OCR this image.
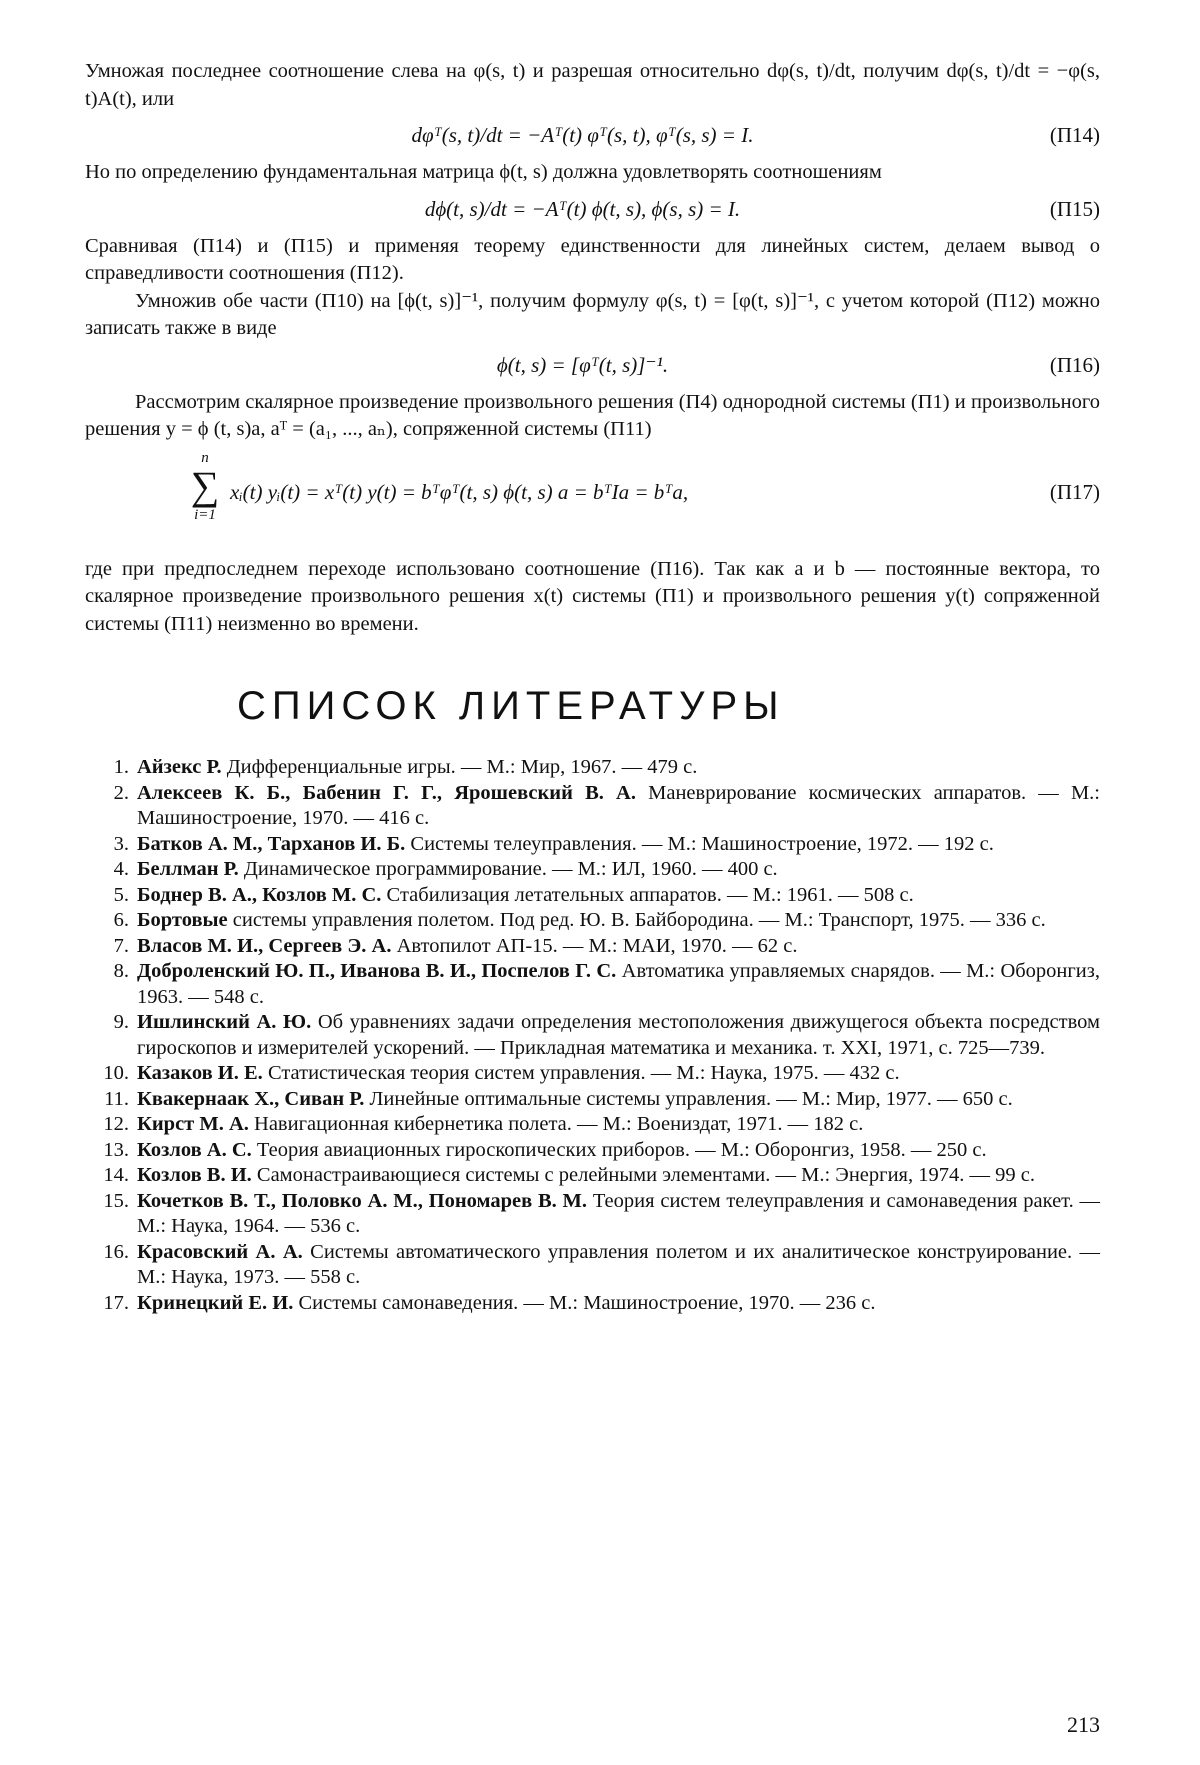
Умножая последнее соотношение слева на φ(s, t) и разрешая относительно dφ(s, t)/dt, получим dφ(s, t)/dt = −φ(s, t)A(t), или

dφᵀ(s, t)/dt = −Aᵀ(t) φᵀ(s, t), φᵀ(s, s) = I.	(П14)

Но по определению фундаментальная матрица ϕ(t, s) должна удовлетворять соотношениям

dϕ(t, s)/dt = −Aᵀ(t) ϕ(t, s), ϕ(s, s) = I.	(П15)

Сравнивая (П14) и (П15) и применяя теорему единственности для линейных систем, делаем вывод о справедливости соотношения (П12).

Умножив обе части (П10) на [ϕ(t, s)]⁻¹, получим формулу φ(s, t) = [φ(t, s)]⁻¹, с учетом которой (П12) можно записать также в виде

ϕ(t, s) = [φᵀ(t, s)]⁻¹.	(П16)

Рассмотрим скалярное произведение произвольного решения (П4) однородной системы (П1) и произвольного решения y = ϕ (t, s)a, aᵀ = (a₁, ..., aₙ), сопряженной системы (П11)

n
∑
i=1
xᵢ(t) yᵢ(t) = xᵀ(t) y(t) = bᵀφᵀ(t, s) ϕ(t, s) a = bᵀIa = bᵀa,	(П17)

где при предпоследнем переходе использовано соотношение (П16). Так как a и b — постоянные вектора, то скалярное произведение произвольного решения x(t) системы (П1) и произвольного решения y(t) сопряженной системы (П11) неизменно во времени.

СПИСОК ЛИТЕРАТУРЫ
1. Айзекс Р. Дифференциальные игры. — М.: Мир, 1967. — 479 с.
2. Алексеев К. Б., Бабенин Г. Г., Ярошевский В. А. Маневрирование космических аппаратов. — М.: Машиностроение, 1970. — 416 с.
3. Батков А. М., Тарханов И. Б. Системы телеуправления. — М.: Машиностроение, 1972. — 192 с.
4. Беллман Р. Динамическое программирование. — М.: ИЛ, 1960. — 400 с.
5. Боднер В. А., Козлов М. С. Стабилизация летательных аппаратов. — М.: 1961. — 508 с.
6. Бортовые системы управления полетом. Под ред. Ю. В. Байбородина. — М.: Транспорт, 1975. — 336 с.
7. Власов М. И., Сергеев Э. А. Автопилот АП-15. — М.: МАИ, 1970. — 62 с.
8. Доброленский Ю. П., Иванова В. И., Поспелов Г. С. Автоматика управляемых снарядов. — М.: Оборонгиз, 1963. — 548 с.
9. Ишлинский А. Ю. Об уравнениях задачи определения местоположения движущегося объекта посредством гироскопов и измерителей ускорений. — Прикладная математика и механика. т. XXI, 1971, с. 725—739.
10. Казаков И. Е. Статистическая теория систем управления. — М.: Наука, 1975. — 432 с.
11. Квакернаак Х., Сиван Р. Линейные оптимальные системы управления. — М.: Мир, 1977. — 650 с.
12. Кирст М. А. Навигационная кибернетика полета. — М.: Воениздат, 1971. — 182 с.
13. Козлов А. С. Теория авиационных гироскопических приборов. — М.: Оборонгиз, 1958. — 250 с.
14. Козлов В. И. Самонастраивающиеся системы с релейными элементами. — М.: Энергия, 1974. — 99 с.
15. Кочетков В. Т., Половко А. М., Пономарев В. М. Теория систем телеуправления и самонаведения ракет. — М.: Наука, 1964. — 536 с.
16. Красовский А. А. Системы автоматического управления полетом и их аналитическое конструирование. — М.: Наука, 1973. — 558 с.
17. Кринецкий Е. И. Системы самонаведения. — М.: Машиностроение, 1970. — 236 с.
213
